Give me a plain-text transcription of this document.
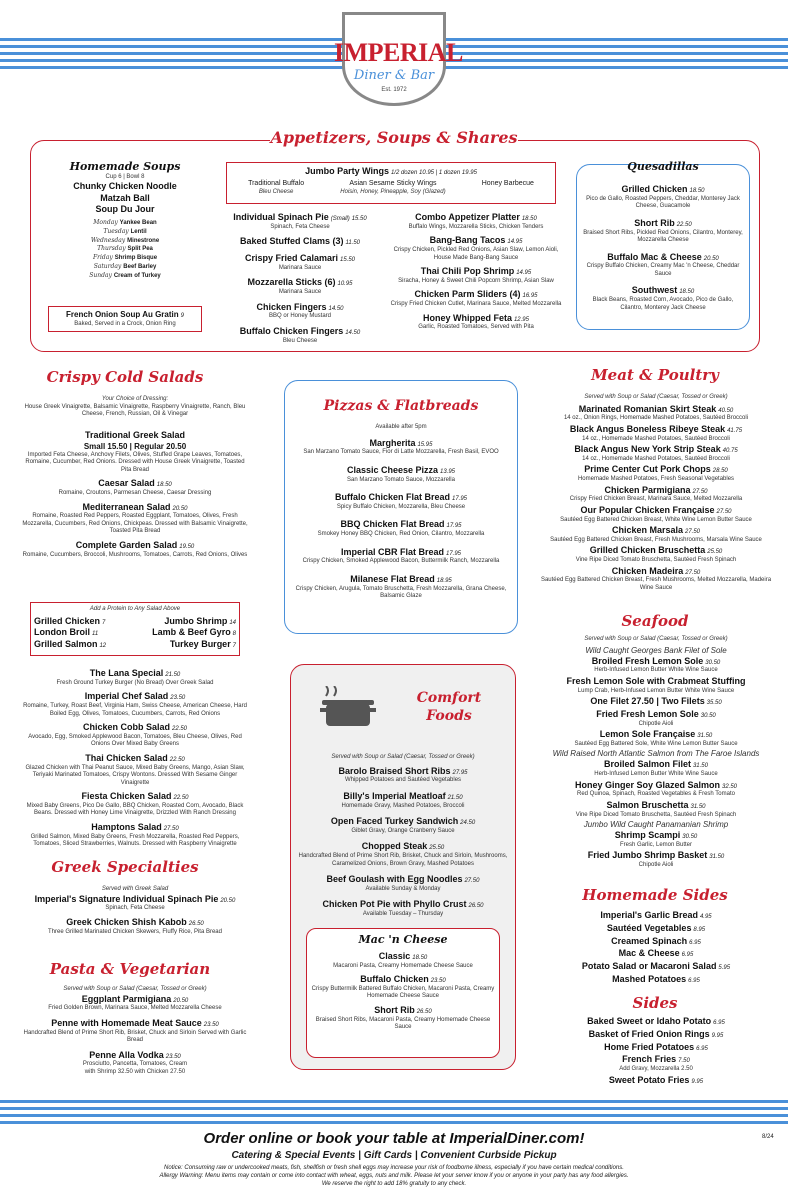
IMPERIAL
Diner & Bar
Est. 1972
Appetizers, Soups & Shares
Homemade Soups
Cup 6 | Bowl 8
Chunky Chicken Noodle
Matzah Ball
Soup Du Jour
Monday Yankee Bean
Tuesday Lentil
Wednesday Minestrone
Thursday Split Pea
Friday Shrimp Bisque
Saturday Beef Barley
Sunday Cream of Turkey
French Onion Soup Au Gratin 9
Baked, Served in a Crock, Onion Ring
Jumbo Party Wings 1/2 dozen 10.95 | 1 dozen 19.95
Traditional Buffalo
Bleu Cheese
Asian Sesame Sticky Wings
Hoisin, Honey, Pineapple, Soy (Glazed)
Honey Barbecue
Individual Spinach Pie (Small) 15.50
Spinach, Feta Cheese
Baked Stuffed Clams (3) 11.50
Crispy Fried Calamari 15.50
Marinara Sauce
Mozzarella Sticks (6) 10.95
Marinara Sauce
Chicken Fingers 14.50
BBQ or Honey Mustard
Buffalo Chicken Fingers 14.50
Bleu Cheese
Combo Appetizer Platter 18.50
Buffalo Wings, Mozzarella Sticks, Chicken Tenders
Bang-Bang Tacos 14.95
Crispy Chicken, Pickled Red Onions, Asian Slaw, Lemon Aioli, House Made Bang-Bang Sauce
Thai Chili Pop Shrimp 14.95
Siracha, Honey & Sweet Chili Popcorn Shrimp, Asian Slaw
Chicken Parm Sliders (4) 16.95
Crispy Fried Chicken Cutlet, Marinara Sauce, Melted Mozzarella
Honey Whipped Feta 12.95
Garlic, Roasted Tomatoes, Served with Pita
Quesadillas
Grilled Chicken 18.50
Pico de Gallo, Roasted Peppers, Cheddar, Monterey Jack Cheese, Guacamole
Short Rib 22.50
Braised Short Ribs, Pickled Red Onions, Cilantro, Monterey, Mozzarella Cheese
Buffalo Mac & Cheese 20.50
Crispy Buffalo Chicken, Creamy Mac 'n Cheese, Cheddar Sauce
Southwest 18.50
Black Beans, Roasted Corn, Avocado, Pico de Gallo, Cilantro, Monterey Jack Cheese
Crispy Cold Salads
Your Choice of Dressing:
House Greek Vinaigrette, Balsamic Vinaigrette, Raspberry Vinaigrette, Ranch, Bleu Cheese, French, Russian, Oil & Vinegar
Traditional Greek Salad
Small 15.50 | Regular 20.50
Imported Feta Cheese, Anchovy Filets, Olives, Stuffed Grape Leaves, Tomatoes, Romaine, Cucumber, Red Onions. Dressed with House Greek Vinaigrette, Toasted Pita Bread
Caesar Salad 18.50
Romaine, Croutons, Parmesan Cheese, Caesar Dressing
Mediterranean Salad 20.50
Romaine, Roasted Red Peppers, Roasted Eggplant, Tomatoes, Olives, Fresh Mozzarella, Cucumbers, Red Onions, Chickpeas. Dressed with Balsamic Vinaigrette, Toasted Pita Bread
Complete Garden Salad 19.50
Romaine, Cucumbers, Broccoli, Mushrooms, Tomatoes, Carrots, Red Onions, Olives
Add a Protein to Any Salad Above
Grilled Chicken 7
London Broil 11
Grilled Salmon 12
Jumbo Shrimp 14
Lamb & Beef Gyro 8
Turkey Burger 7
The Lana Special 21.50
Fresh Ground Turkey Burger (No Bread) Over Greek Salad
Imperial Chef Salad 23.50
Romaine, Turkey, Roast Beef, Virginia Ham, Swiss Cheese, American Cheese, Hard Boiled Egg, Olives, Tomatoes, Cucumbers, Carrots, Red Onions
Chicken Cobb Salad 22.50
Avocado, Egg, Smoked Applewood Bacon, Tomatoes, Bleu Cheese, Olives, Red Onions Over Mixed Baby Greens
Thai Chicken Salad 22.50
Glazed Chicken with Thai Peanut Sauce, Mixed Baby Greens, Mango, Asian Slaw, Teriyaki Marinated Tomatoes, Crispy Wontons. Dressed With Sesame Ginger Vinaigrette
Fiesta Chicken Salad 22.50
Mixed Baby Greens, Pico De Gallo, BBQ Chicken, Roasted Corn, Avocado, Black Beans. Dressed with Honey Lime Vinaigrette, Drizzled With Ranch Dressing
Hamptons Salad 27.50
Grilled Salmon, Mixed Baby Greens, Fresh Mozzarella, Roasted Red Peppers, Tomatoes, Sliced Strawberries, Walnuts. Dressed with Raspberry Vinaigrette
Greek Specialties
Served with Greek Salad
Imperial's Signature Individual Spinach Pie 20.50
Spinach, Feta Cheese
Greek Chicken Shish Kabob 26.50
Three Grilled Marinated Chicken Skewers, Fluffy Rice, Pita Bread
Pasta & Vegetarian
Served with Soup or Salad (Caesar, Tossed or Greek)
Eggplant Parmigiana 20.50
Fried Golden Brown, Marinara Sauce, Melted Mozzarella Cheese
Penne with Homemade Meat Sauce 23.50
Handcrafted Blend of Prime Short Rib, Brisket, Chuck and Sirloin Served with Garlic Bread
Penne Alla Vodka 23.50
Prosciutto, Pancetta, Tomatoes, Cream
with Shrimp 32.50 with Chicken 27.50
Pizzas & Flatbreads
Available after 5pm
Margherita 15.95
San Marzano Tomato Sauce, Fior di Latte Mozzarella, Fresh Basil, EVOO
Classic Cheese Pizza 13.95
San Marzano Tomato Sauce, Mozzarella
Buffalo Chicken Flat Bread 17.95
Spicy Buffalo Chicken, Mozzarella, Bleu Cheese
BBQ Chicken Flat Bread 17.95
Smokey Honey BBQ Chicken, Red Onion, Cilantro, Mozzarella
Imperial CBR Flat Bread 17.95
Crispy Chicken, Smoked Applewood Bacon, Buttermilk Ranch, Mozzarella
Milanese Flat Bread 18.95
Crispy Chicken, Arugula, Tomato Bruschetta, Fresh Mozzarella, Grana Cheese, Balsamic Glaze
Comfort Foods
Served with Soup or Salad (Caesar, Tossed or Greek)
Barolo Braised Short Ribs 27.95
Whipped Potatoes and Sautéed Vegetables
Billy's Imperial Meatloaf 21.50
Homemade Gravy, Mashed Potatoes, Broccoli
Open Faced Turkey Sandwich 24.50
Giblet Gravy, Orange Cranberry Sauce
Chopped Steak 25.50
Handcrafted Blend of Prime Short Rib, Brisket, Chuck and Sirloin, Mushrooms, Caramelized Onions, Brown Gravy, Mashed Potatoes
Beef Goulash with Egg Noodles 27.50
Available Sunday & Monday
Chicken Pot Pie with Phyllo Crust 26.50
Available Tuesday – Thursday
Mac 'n Cheese
Classic 18.50
Macaroni Pasta, Creamy Homemade Cheese Sauce
Buffalo Chicken 23.50
Crispy Buttermilk Battered Buffalo Chicken, Macaroni Pasta, Creamy Homemade Cheese Sauce
Short Rib 26.50
Braised Short Ribs, Macaroni Pasta, Creamy Homemade Cheese Sauce
Meat & Poultry
Served with Soup or Salad (Caesar, Tossed or Greek)
Marinated Romanian Skirt Steak 40.50
14 oz., Onion Rings, Homemade Mashed Potatoes, Sautéed Broccoli
Black Angus Boneless Ribeye Steak 41.75
14 oz., Homemade Mashed Potatoes, Sautéed Broccoli
Black Angus New York Strip Steak 40.75
14 oz., Homemade Mashed Potatoes, Sautéed Broccoli
Prime Center Cut Pork Chops 28.50
Homemade Mashed Potatoes, Fresh Seasonal Vegetables
Chicken Parmigiana 27.50
Crispy Fried Chicken Breast, Marinara Sauce, Melted Mozzarella
Our Popular Chicken Française 27.50
Sautéed Egg Battered Chicken Breast, White Wine Lemon Butter Sauce
Chicken Marsala 27.50
Sautéed Egg Battered Chicken Breast, Fresh Mushrooms, Marsala Wine Sauce
Grilled Chicken Bruschetta 25.50
Vine Ripe Diced Tomato Bruschetta, Sautéed Fresh Spinach
Chicken Madeira 27.50
Sautéed Egg Battered Chicken Breast, Fresh Mushrooms, Melted Mozzarella, Madeira Wine Sauce
Seafood
Served with Soup or Salad (Caesar, Tossed or Greek)
Wild Caught Georges Bank Filet of Sole
Broiled Fresh Lemon Sole 30.50
Herb-Infused Lemon Butter White Wine Sauce
Fresh Lemon Sole with Crabmeat Stuffing
Lump Crab, Herb-Infused Lemon Butter White Wine Sauce
One Filet 27.50 | Two Filets 35.50
Fried Fresh Lemon Sole 30.50
Chipotle Aioli
Lemon Sole Française 31.50
Sautéed Egg Battered Sole, White Wine Lemon Butter Sauce
Wild Raised North Atlantic Salmon from The Faroe Islands
Broiled Salmon Filet 31.50
Herb-Infused Lemon Butter White Wine Sauce
Honey Ginger Soy Glazed Salmon 32.50
Red Quinoa, Spinach, Roasted Vegetables & Fresh Tomato
Salmon Bruschetta 31.50
Vine Ripe Diced Tomato Bruschetta, Sautéed Fresh Spinach
Jumbo Wild Caught Panamanian Shrimp
Shrimp Scampi 30.50
Fresh Garlic, Lemon Butter
Fried Jumbo Shrimp Basket 31.50
Chipotle Aioli
Homemade Sides
Imperial's Garlic Bread 4.95
Sautéed Vegetables 8.95
Creamed Spinach 6.95
Mac & Cheese 6.95
Potato Salad or Macaroni Salad 5.95
Mashed Potatoes 6.95
Sides
Baked Sweet or Idaho Potato 6.95
Basket of Fried Onion Rings 9.95
Home Fried Potatoes 6.95
French Fries 7.50
Add Gravy, Mozzarella 2.50
Sweet Potato Fries 9.95
Order online or book your table at ImperialDiner.com!
Catering & Special Events | Gift Cards | Convenient Curbside Pickup
Notice: Consuming raw or undercooked meats, fish, shellfish or fresh shell eggs may increase your risk of foodborne illness, especially if you have certain medical conditions.
Allergy Warning: Menu items may contain or come into contact with wheat, eggs, nuts and milk. Please let your server know if you or anyone in your party has any food allergies.
We reserve the right to add 18% gratuity to any check.
8/24
